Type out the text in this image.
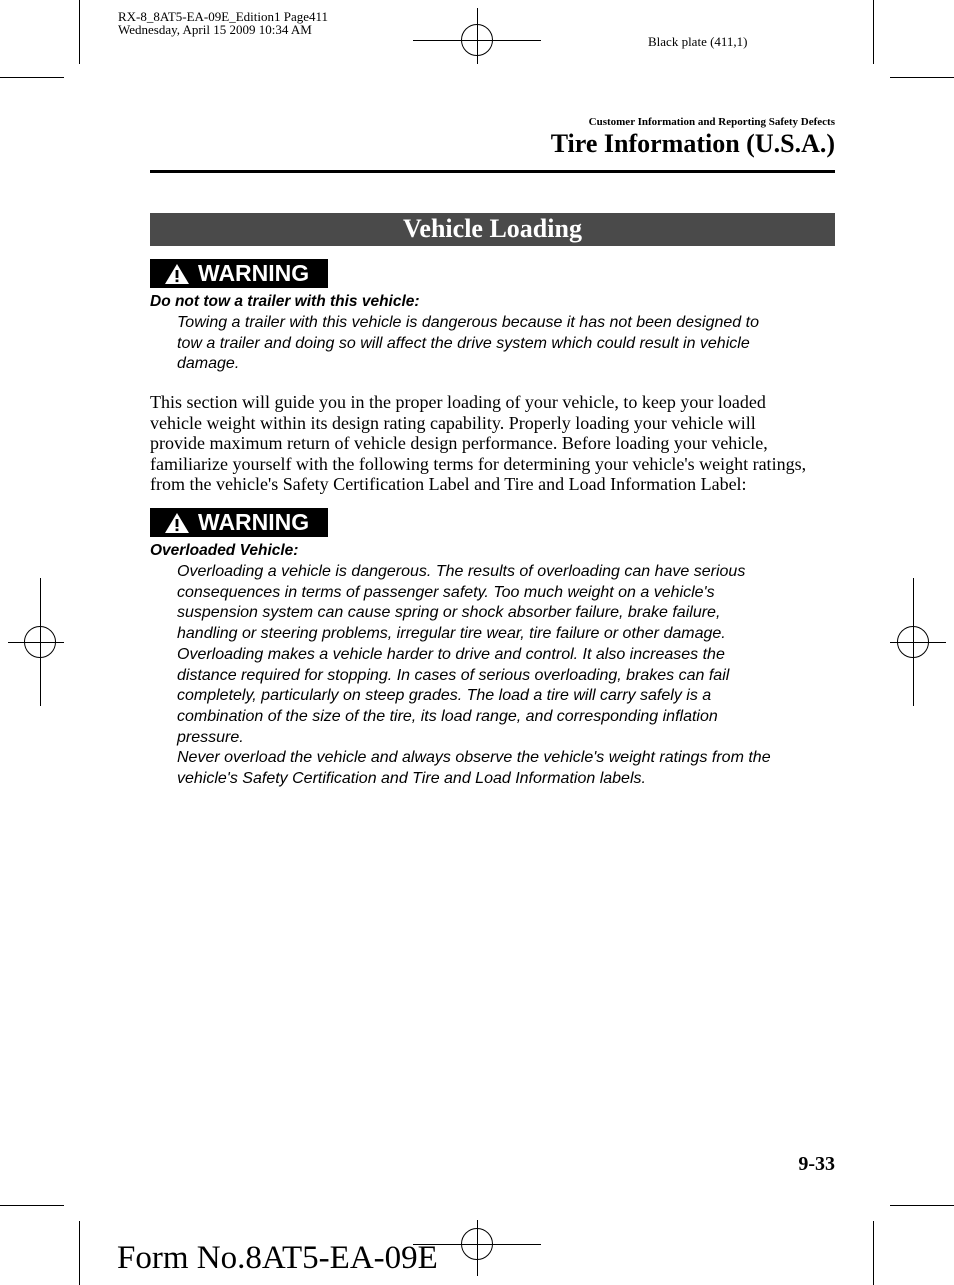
RX-8_8AT5-EA-09E_Edition1 Page411
Wednesday, April 15 2009 10:34 AM
Black plate (411,1)
Customer Information and Reporting Safety Defects
Tire Information (U.S.A.)
Vehicle Loading
WARNING
Do not tow a trailer with this vehicle:
Towing a trailer with this vehicle is dangerous because it has not been designed to
tow a trailer and doing so will affect the drive system which could result in vehicle
damage.
This section will guide you in the proper loading of your vehicle, to keep your loaded
vehicle weight within its design rating capability. Properly loading your vehicle will
provide maximum return of vehicle design performance. Before loading your vehicle,
familiarize yourself with the following terms for determining your vehicle's weight ratings,
from the vehicle's Safety Certification Label and Tire and Load Information Label:
WARNING
Overloaded Vehicle:
Overloading a vehicle is dangerous. The results of overloading can have serious
consequences in terms of passenger safety. Too much weight on a vehicle's
suspension system can cause spring or shock absorber failure, brake failure,
handling or steering problems, irregular tire wear, tire failure or other damage.
Overloading makes a vehicle harder to drive and control. It also increases the
distance required for stopping. In cases of serious overloading, brakes can fail
completely, particularly on steep grades. The load a tire will carry safely is a
combination of the size of the tire, its load range, and corresponding inflation
pressure.
Never overload the vehicle and always observe the vehicle's weight ratings from the
vehicle's Safety Certification and Tire and Load Information labels.
9-33
Form No.8AT5-EA-09E
